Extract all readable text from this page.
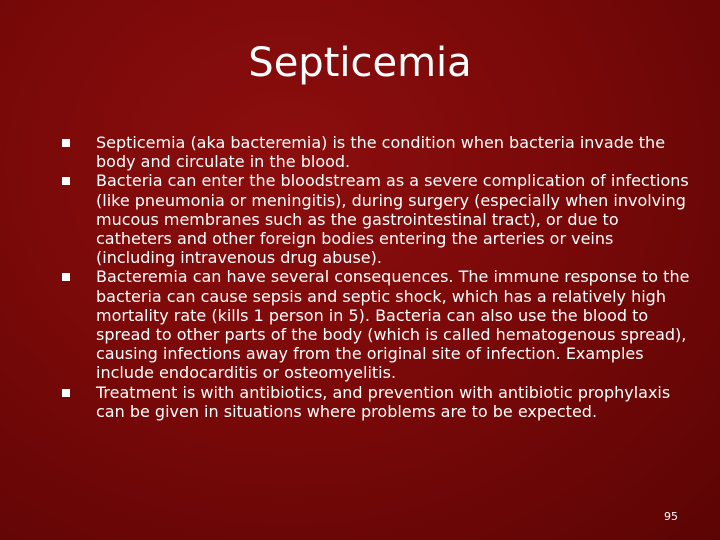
Septicemia
Septicemia (aka bacteremia) is the condition when bacteria invade the body and circulate in the blood.
Bacteria can enter the bloodstream as a severe complication of infections (like pneumonia or meningitis), during surgery (especially when involving mucous membranes such as the gastrointestinal tract), or due to catheters and other foreign bodies entering the arteries or veins (including intravenous drug abuse).
Bacteremia can have several consequences. The immune response to the bacteria can cause sepsis and septic shock, which has a relatively high mortality rate (kills 1 person in 5). Bacteria can also use the blood to spread to other parts of the body (which is called hematogenous spread), causing infections away from the original site of infection. Examples include endocarditis or osteomyelitis.
Treatment is with antibiotics, and prevention with antibiotic prophylaxis can be given in situations where problems are to be expected.
95
